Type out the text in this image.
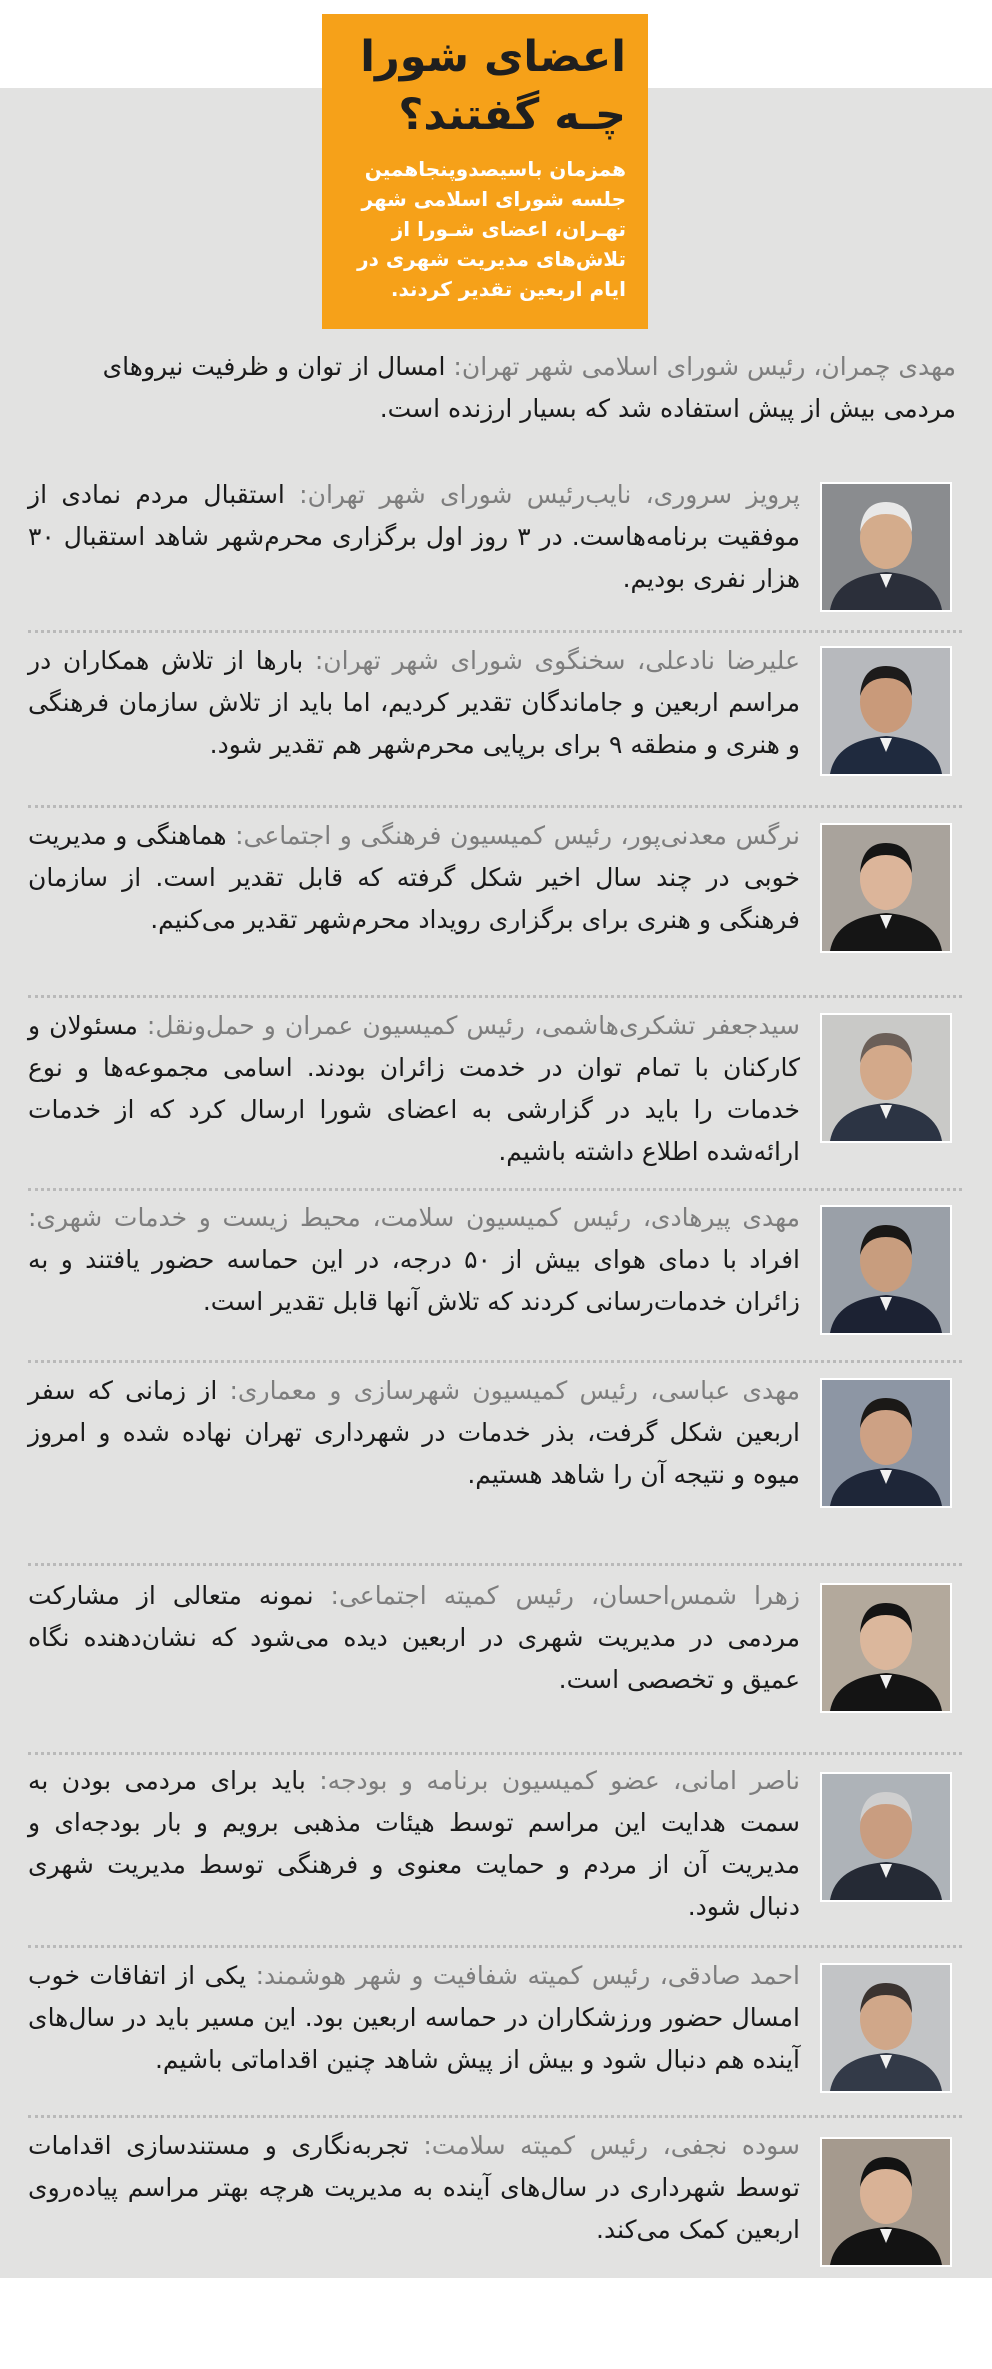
اعضای شورا
چـه گفتند؟
همزمان باسیصدوپنجاهمین جلسه شورای اسلامی شهر تهـران، اعضای شـورا از تلاش‌های مدیریت شهری در ایام اربعین تقدیر کردند.
مهدی چمران، رئیس شورای اسلامی شهر تهران: امسال از توان و ظرفیت نیروهای مردمی بیش از پیش استفاده شد که بسیار ارزنده است.
پرویز سروری، نایب‌رئیس شورای شهر تهران: استقبال مردم نمادی از موفقیت برنامه‌هاست. در ۳ روز اول برگزاری محرم‌شهر شاهد استقبال ۳۰ هزار نفری بودیم.
علیرضا نادعلی، سخنگوی شورای شهر تهران: بارها از تلاش همکاران در مراسم اربعین و جاماندگان تقدیر کردیم، اما باید از تلاش سازمان فرهنگی و هنری و منطقه ۹ برای برپایی محرم‌شهر هم تقدیر شود.
نرگس معدنی‌پور، رئیس کمیسیون فرهنگی و اجتماعی: هماهنگی و مدیریت خوبی در چند سال اخیر شکل گرفته که قابل تقدیر است. از سازمان فرهنگی و هنری برای برگزاری رویداد محرم‌شهر تقدیر می‌کنیم.
سیدجعفر تشکری‌هاشمی، رئیس کمیسیون عمران و حمل‌ونقل: مسئولان و کارکنان با تمام توان در خدمت زائران بودند. اسامی مجموعه‌ها و نوع خدمات را باید در گزارشی به اعضای شورا ارسال کرد که از خدمات ارائه‌شده اطلاع داشته باشیم.
مهدی پیرهادی، رئیس کمیسیون سلامت، محیط زیست و خدمات شهری: افراد با دمای هوای بیش از ۵۰ درجه، در این حماسه حضور یافتند و به زائران خدمات‌رسانی کردند که تلاش آنها قابل تقدیر است.
مهدی عباسی، رئیس کمیسیون شهرسازی و معماری: از زمانی که سفر اربعین شکل گرفت، بذر خدمات در شهرداری تهران نهاده شده و امروز میوه و نتیجه آن را شاهد هستیم.
زهرا شمس‌احسان، رئیس کمیته اجتماعی: نمونه متعالی از مشارکت مردمی در مدیریت شهری در اربعین دیده می‌شود که نشان‌دهنده نگاه عمیق و تخصصی است.
ناصر امانی، عضو کمیسیون برنامه و بودجه: باید برای مردمی بودن به سمت هدایت این مراسم توسط هیئات مذهبی برویم و بار بودجه‌ای و مدیریت آن از مردم و حمایت معنوی و فرهنگی توسط مدیریت شهری دنبال شود.
احمد صادقی، رئیس کمیته شفافیت و شهر هوشمند: یکی از اتفاقات خوب امسال حضور ورزشکاران در حماسه اربعین بود. این مسیر باید در سال‌های آینده هم دنبال شود و بیش از پیش شاهد چنین اقداماتی باشیم.
سوده نجفی، رئیس کمیته سلامت: تجربه‌نگاری و مستندسازی اقدامات توسط شهرداری در سال‌های آینده به مدیریت هرچه بهتر مراسم پیاده‌روی اربعین کمک می‌کند.
